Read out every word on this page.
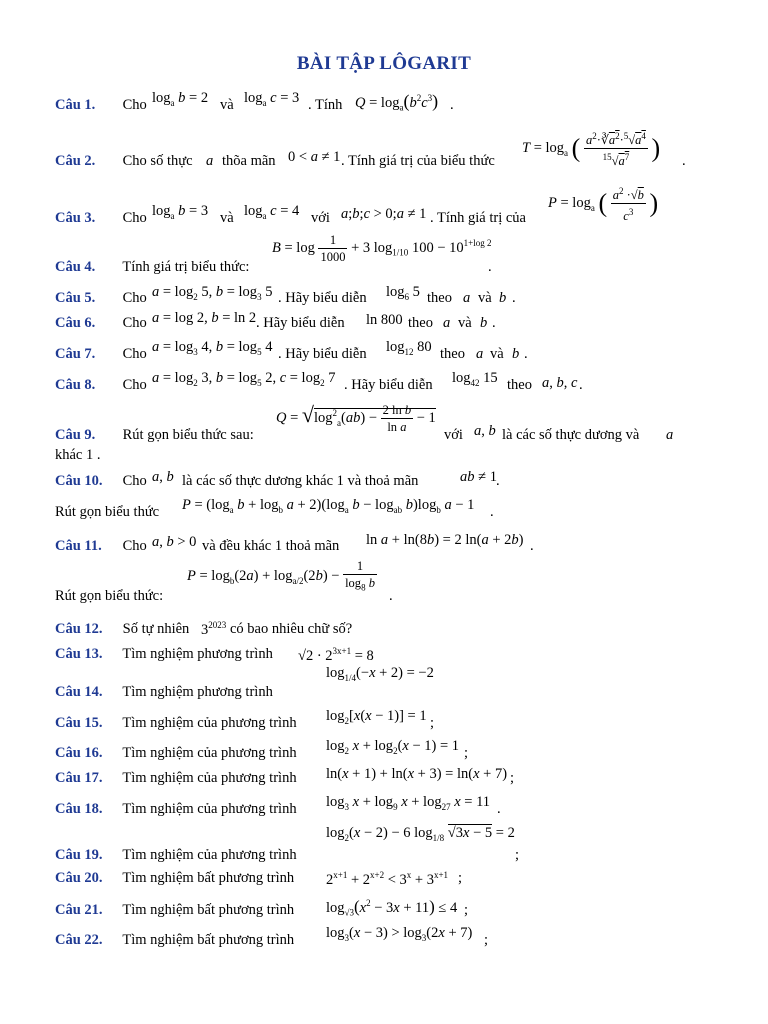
BÀI TẬP LÔGARIT
Câu 1. Cho $\log_a b = 2$ và $\log_a c = 3$ . Tính $Q = \log_a(b^2c^3)$ .
$T = \log_a$ ( $\frac{a^2\cdot∛a^2\cdot^5√a^4}{^{15}√a^7}$ )
Câu 2. Cho số thực a thõa mãn 0 < a ≠ 1 . Tính giá trị của biểu thức	.
$P = \log_a$ ( $\frac{a^2 \cdot√b}{c^3}$ )
Câu 3. Cho $\log_a b = 3$ và $\log_a c = 4$ với a;b;c > 0;a ≠ 1 . Tính giá trị của
$B = \log \frac{1}{1000} + 3$ $\log_{1/10} 100 - 10^{1+log 2}$
Câu 4. Tính giá trị biểu thức:	.
Câu 5. Cho $a = \log_2 5$, $b = \log_3 5$ . Hãy biểu diễn $\log_6 5$ theo a và b .
Câu 6. Cho a = log 2, b = ln 2 . Hãy biểu diễn ln 800 theo a và b .
Câu 7. Cho $a = \log_3 4$, $b = \log_5 4$ . Hãy biểu diễn $\log_{12} 80$ theo a và b .
Câu 8. Cho $a = \log_2 3$, $b = \log_5 2$, $c = \log_2 7$ . Hãy biểu diễn $\log_{42} 15$ theo a, b, c .
$Q = √\log^2_a(ab) - \frac{\text{2 ln b}}{\text{ln a}} - 1$
Câu 9. Rút gọn biểu thức sau:	với a, b là các số thực dương và a
khác 1 .
Câu 10. Cho a, b là các số thực dương khác 1 và thoả mãn	ab ≠ 1 .
Rút gọn biểu thức $P = (\log_a$ $b + \log_b a + 2)(\log_a$ $b - \log_{ab} b)\log_b$ a − 1 .
Câu 11. Cho a, b > 0 và đều khác 1 thoả mãn ln a + ln(8b) = 2 ln(a + 2b) .
$P = \log_b(2a) + \log_{a/2}(2b) - \frac{1}{\log_8 b}$
Rút gọn biểu thức:	.
Câu 12. Số tự nhiên $3^{2023}$ có bao nhiêu chữ số?
Câu 13. Tìm nghiệm phương trình $√2 \cdot 2^{3x+1} = 8$
$\log_{1/4}(-x + 2) = -2$
Câu 14. Tìm nghiệm phương trình
Câu 15. Tìm nghiệm của phương trình $\log_2[x(x - 1)] = 1$ ;
Câu 16. Tìm nghiệm của phương trình $\log_2 x + \log_2(x - 1) = 1$ ;
Câu 17. Tìm nghiệm của phương trình ln(x + 1) + ln(x + 3) = ln(x + 7) ;
Câu 18. Tìm nghiệm của phương trình $\log_3 x + \log_9 x + \log_{27} x = 11$ .
$\log_2(x - 2) - 6$ $\log_{1/8} √3x - 5 = 2$
Câu 19. Tìm nghiệm của phương trình	;
Câu 20. Tìm nghiệm bất phương trình $2^{x+1} + 2^{x+2} < 3^x + 3^{x+1}$ ;
Câu 21. Tìm nghiệm bất phương trình $\log_{√3}(x^2 - 3x + 11) \le 4$ ;
Câu 22. Tìm nghiệm bất phương trình $\log_3(x - 3) > \log_3(2x + 7)$ ;
